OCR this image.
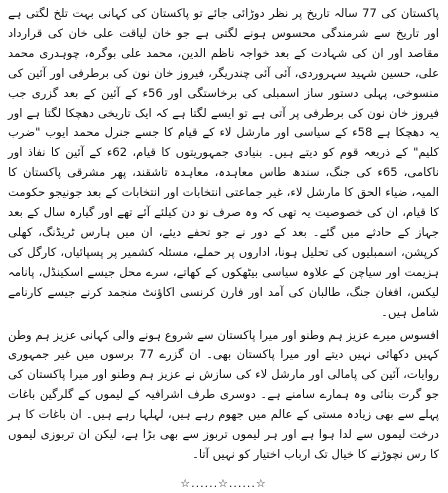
پاکستان کی 77 سالہ تاریخ پر نظر دوڑائی جائے تو پاکستان کی کہانی بہت تلخ لگتی ہے اور تاریخ سے شرمندگی محسوس ہونے لگتی ہے جو خان لیاقت علی خان کی قرارداد مقاصد اور ان کی شہادت کے بعد خواجہ ناظم الدین، محمد علی بوگرہ، چوہدری محمد علی، حسین شہید سہروردی، آئی آئی چندریگر، فیروز خان نون کی برطرفی اور آئین کی منسوخی، پہلی دستور ساز اسمبلی کی برخاستگی اور 56ء کے آئین کے بعد گزری جب فیروز خان نون کی برطرفی پر آتی ہے تو ایسے لگتا ہے کہ ایک تاریخی دھچکا لگتا ہے اور یہ دھچکا ہے 58ء کے سیاسی اور مارشل لاء کے قیام کا جسے جنرل محمد ایوب "ضرب کلیم" کے ذریعہ قوم کو دیتے ہیں۔ بنیادی جمہوریتوں کا قیام، 62ء کے آئین کا نفاذ اور ناکامی، 65ء کی جنگ، سندھ طاس معاہدہ، معاہدہ تاشقند، پھر مشرقی پاکستان کا المیہ، ضیاء الحق کا مارشل لاء، غیر جماعتی انتخابات اور انتخابات کے بعد جونیجو حکومت کا قیام، ان کی خصوصیت یہ تھی کہ وہ صرف نو دن کیلئے آئے تھے اور گیارہ سال کے بعد جہاز کے حادثے میں گئے۔ بعد کے دور نے جو تحفے دیئے، ان میں ہارس ٹریڈنگ، کھلی کرپشن، اسمبلیوں کی تحلیل ہونا، اداروں پر حملے، مسئلہ کشمیر پر پسپائیاں، کارگل کی ہزیمت اور سیاچن کے علاوہ سیاسی بیٹھکوں کے کھاتے، سرے محل جیسے اسکینڈل، پانامہ لیکس، افغان جنگ، طالبان کی آمد اور فارن کرنسی اکاؤنٹ منجمد کرنے جیسے کارنامے شامل ہیں۔

افسوس میرے عزیز ہم وطنو اور میرا پاکستان سے شروع ہونے والی کہانی عزیز ہم وطن کہیں دکھائی نہیں دیتے اور میرا پاکستان بھی۔ ان گزرے 77 برسوں میں غیر جمہوری روایات، آئین کی پامالی اور مارشل لاء کی سازش نے عزیز ہم وطنو اور میرا پاکستان کی جو گرت بنائی وہ ہمارے سامنے ہے۔ دوسری طرف اشرافیہ کے لیموں کے گلرگین باغات پہلے سے بھی زیادہ مستی کے عالم میں جھوم رہے ہیں، لہلہا رہے ہیں۔ ان باغات کا ہر درخت لیموں سے لدا ہوا ہے اور ہر لیموں تربوز سے بھی بڑا ہے، لیکن ان تربوزی لیموں کا رس نچوڑنے کا خیال تک ارباب اختیار کو نہیں آتا۔

☆......☆......☆
